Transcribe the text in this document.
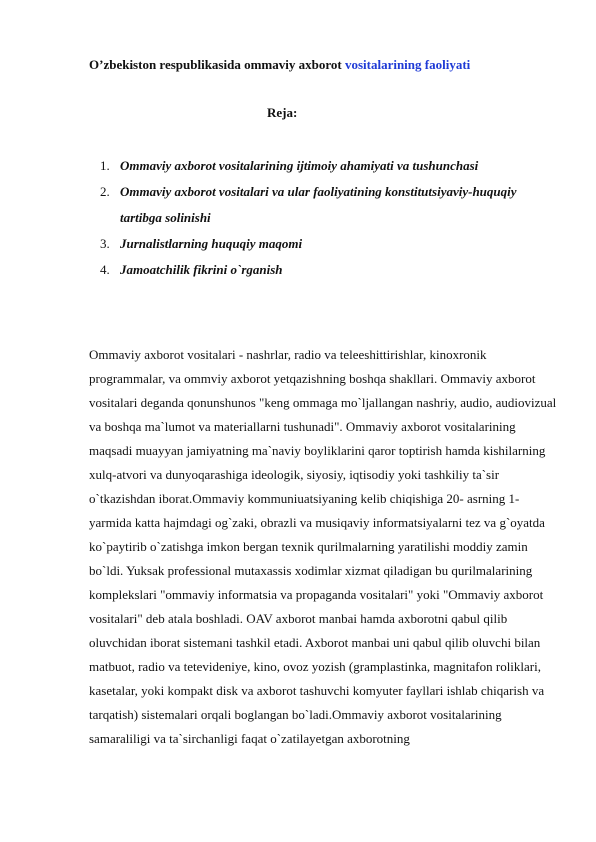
O’zbekiston respublikasida ommaviy axborot vositalarining faoliyati
Reja:
1. Ommaviy axborot vositalarining ijtimoiy ahamiyati va tushunchasi
2. Ommaviy axborot vositalari va ular faoliyatining konstitutsiyaviy-huquqiy tartibga solinishi
3. Jurnalistlarning huquqiy maqomi
4. Jamoatchilik fikrini o`rganish

Ommaviy axborot vositalari - nashrlar, radio va teleeshittirishlar, kinoxronik programmalar, va ommviy axborot yetqazishning boshqa shakllari. Ommaviy axborot vositalari deganda qonunshunos "keng ommaga mo`ljallangan nashriy, audio, audiovizual va boshqa ma`lumot va materiallarni tushunadi". Ommaviy axborot vositalarining maqsadi muayyan jamiyatning ma`naviy boyliklarini qaror toptirish hamda kishilarning xulq-atvori va dunyoqarashiga ideologik, siyosiy, iqtisodiy yoki tashkiliy ta`sir o`tkazishdan iborat.Ommaviy kommuniuatsiyaning kelib chiqishiga 20- asrning 1-yarmida katta hajmdagi og`zaki, obrazli va musiqaviy informatsiyalarni tez va g`oyatda ko`paytirib o`zatishga imkon bergan texnik qurilmalarning yaratilishi moddiy zamin bo`ldi. Yuksak professional mutaxassis xodimlar xizmat qiladigan bu qurilmalarining komplekslari "ommaviy informatsia va propaganda vositalari" yoki "Ommaviy axborot vositalari" deb atala boshladi. OAV axborot manbai hamda axborotni qabul qilib oluvchidan iborat sistemani tashkil etadi. Axborot manbai uni qabul qilib oluvchi bilan matbuot, radio va tetevideniye, kino, ovoz yozish (gramplastinka, magnitafon roliklari, kasetalar, yoki kompakt disk va axborot tashuvchi komyuter fayllari ishlab chiqarish va tarqatish) sistemalari orqali boglangan bo`ladi.Ommaviy axborot vositalarining samaraliligi va ta`sirchanligi faqat o`zatilayetgan axborotning
